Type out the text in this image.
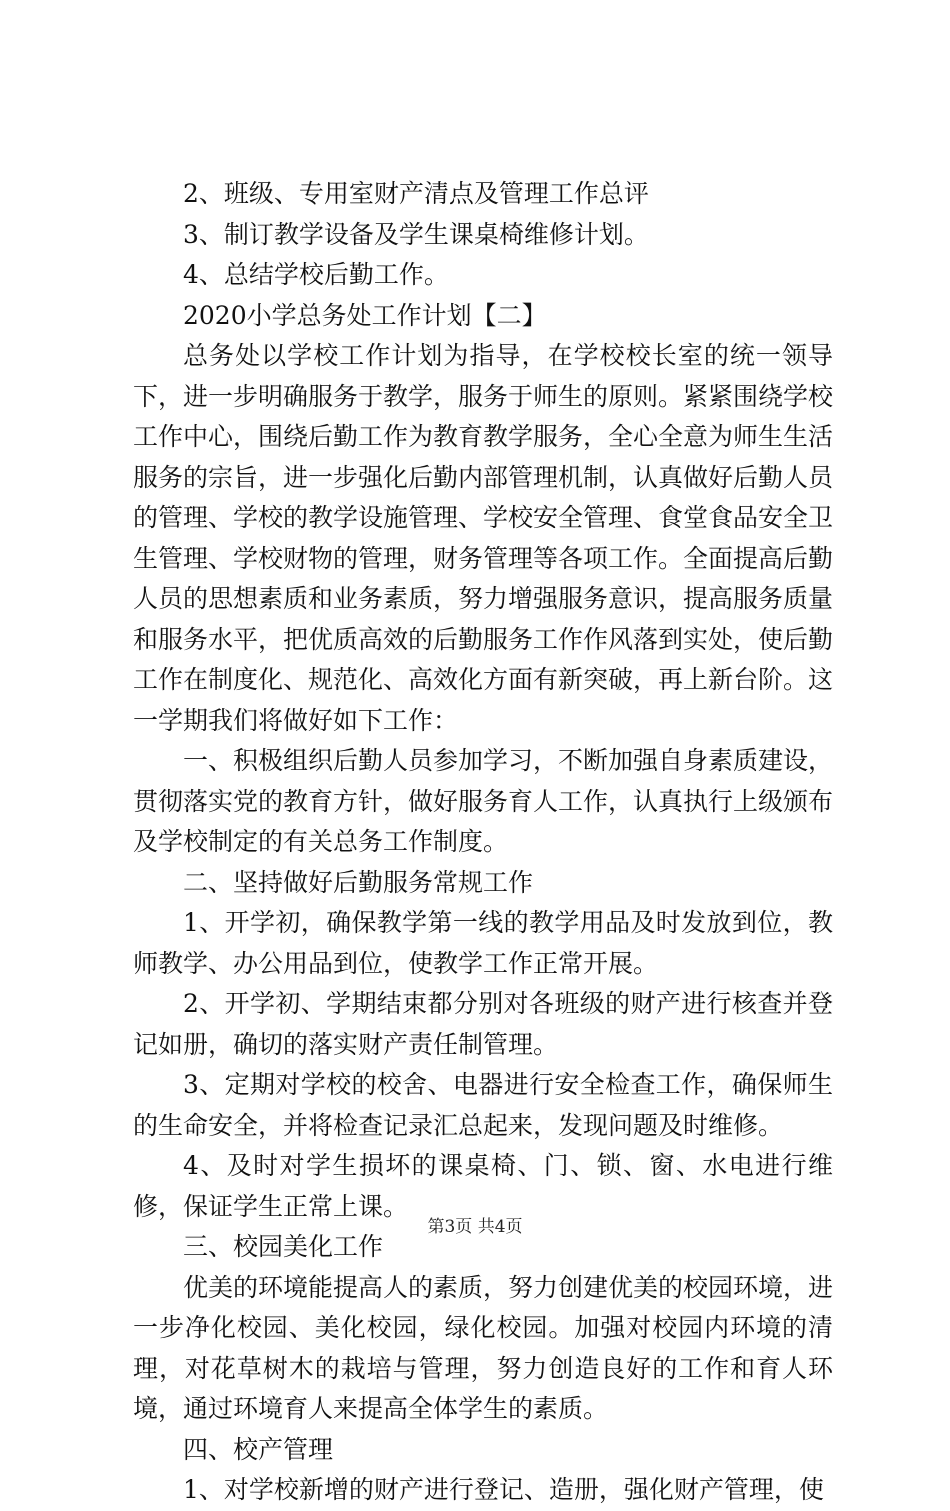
2、班级、专用室财产清点及管理工作总评

3、制订教学设备及学生课桌椅维修计划。

4、总结学校后勤工作。

2020小学总务处工作计划【二】

总务处以学校工作计划为指导，在学校校长室的统一领导下，进一步明确服务于教学，服务于师生的原则。紧紧围绕学校工作中心，围绕后勤工作为教育教学服务，全心全意为师生生活服务的宗旨，进一步强化后勤内部管理机制，认真做好后勤人员的管理、学校的教学设施管理、学校安全管理、食堂食品安全卫生管理、学校财物的管理，财务管理等各项工作。全面提高后勤人员的思想素质和业务素质，努力增强服务意识，提高服务质量和服务水平，把优质高效的后勤服务工作作风落到实处，使后勤工作在制度化、规范化、高效化方面有新突破，再上新台阶。这一学期我们将做好如下工作：

一、积极组织后勤人员参加学习，不断加强自身素质建设，贯彻落实党的教育方针，做好服务育人工作，认真执行上级颁布及学校制定的有关总务工作制度。

二、坚持做好后勤服务常规工作

1、开学初，确保教学第一线的教学用品及时发放到位，教师教学、办公用品到位，使教学工作正常开展。

2、开学初、学期结束都分别对各班级的财产进行核查并登记如册，确切的落实财产责任制管理。

3、定期对学校的校舍、电器进行安全检查工作，确保师生的生命安全，并将检查记录汇总起来，发现问题及时维修。

4、及时对学生损坏的课桌椅、门、锁、窗、水电进行维修，保证学生正常上课。

三、校园美化工作

优美的环境能提高人的素质，努力创建优美的校园环境，进一步净化校园、美化校园，绿化校园。加强对校园内环境的清理，对花草树木的栽培与管理，努力创造良好的工作和育人环境，通过环境育人来提高全体学生的素质。

四、校产管理

1、对学校新增的财产进行登记、造册，强化财产管理，使

第3页 共4页
